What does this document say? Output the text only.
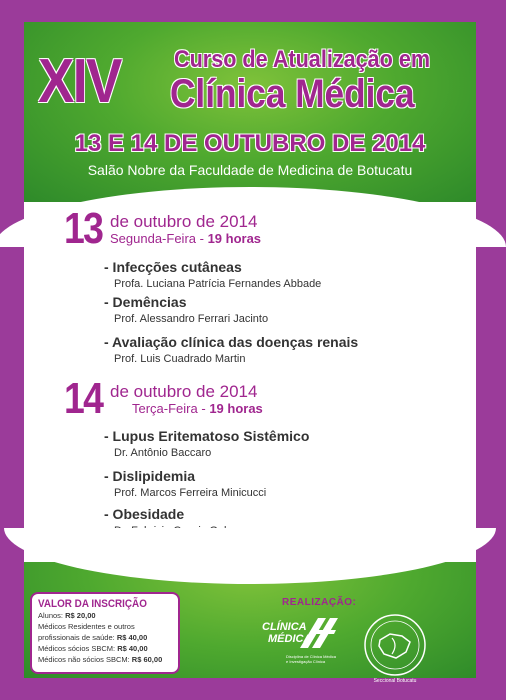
XIV Curso de Atualização em
Clínica Médica
13 E 14 DE OUTUBRO DE 2014
Salão Nobre da Faculdade de Medicina de Botucatu
13 de outubro de 2014
Segunda-Feira - 19 horas
- Infecções cutâneas
Profa. Luciana Patrícia Fernandes Abbade
- Demências
Prof. Alessandro Ferrari Jacinto
- Avaliação clínica das doenças renais
Prof. Luis Cuadrado Martin
14 de outubro de 2014
Terça-Feira - 19 horas
- Lupus Eritematoso Sistêmico
Dr. Antônio Baccaro
- Dislipidemia
Prof. Marcos Ferreira Minicucci
- Obesidade
VALOR DA INSCRIÇÃO
Alunos: R$ 20,00
Médicos Residentes e outros
profissionais de saúde: R$ 40,00
Médicos sócios SBCM: R$ 40,00
Médicos não sócios SBCM: R$ 60,00
REALIZAÇÃO:
CLÍNICA
MÉDICA
Disciplina de Clínica Médica
e Investigação Clínica
Seccional Botucatu
